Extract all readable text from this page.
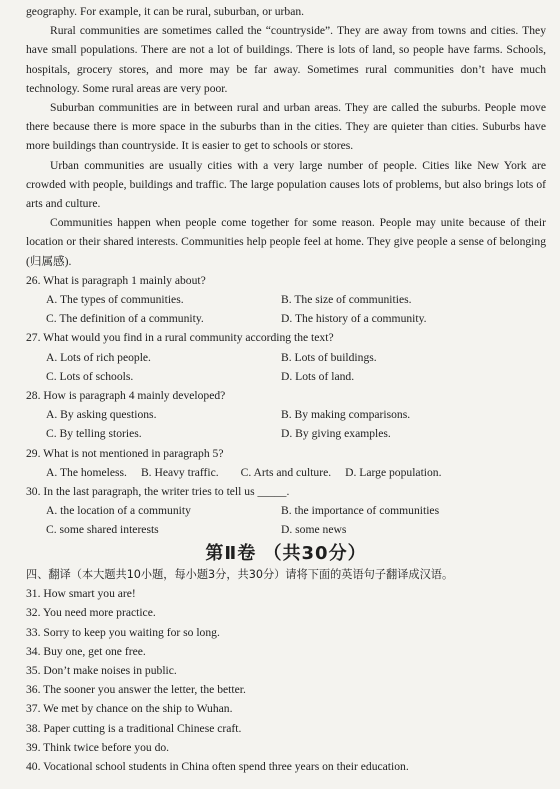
geography. For example, it can be rural, suburban, or urban.

Rural communities are sometimes called the “countryside”. They are away from towns and cities. They have small populations. There are not a lot of buildings. There is lots of land, so people have farms. Schools, hospitals, grocery stores, and more may be far away. Sometimes rural communities don’t have much technology. Some rural areas are very poor.

Suburban communities are in between rural and urban areas. They are called the suburbs. People move there because there is more space in the suburbs than in the cities. They are quieter than cities. Suburbs have more buildings than countryside. It is easier to get to schools or stores.

Urban communities are usually cities with a very large number of people. Cities like New York are crowded with people, buildings and traffic. The large population causes lots of problems, but also brings lots of arts and culture.

Communities happen when people come together for some reason. People may unite because of their location or their shared interests. Communities help people feel at home. They give people a sense of belonging (归属感).

26. What is paragraph 1 mainly about?

A. The types of communities.	B. The size of communities.
C. The definition of a community.	D. The history of a community.

27. What would you find in a rural community according the text?

A. Lots of rich people.	B. Lots of buildings.
C. Lots of schools.	D. Lots of land.

28. How is paragraph 4 mainly developed?

A. By asking questions.	B. By making comparisons.
C. By telling stories.	D. By giving examples.

29. What is not mentioned in paragraph 5?

A. The homeless. B. Heavy traffic. C. Arts and culture. D. Large population.

30. In the last paragraph, the writer tries to tell us _____.

A. the location of a community	B. the importance of communities
C. some shared interests	D. some news
第Ⅱ卷 （共30分）

四、翻译（本大题共10小题，每小题3分，共30分）请将下面的英语句子翻译成汉语。

31. How smart you are!

32. You need more practice.

33. Sorry to keep you waiting for so long.

34. Buy one, get one free.

35. Don’t make noises in public.

36. The sooner you answer the letter, the better.

37. We met by chance on the ship to Wuhan.

38. Paper cutting is a traditional Chinese craft.

39. Think twice before you do.

40. Vocational school students in China often spend three years on their education.
